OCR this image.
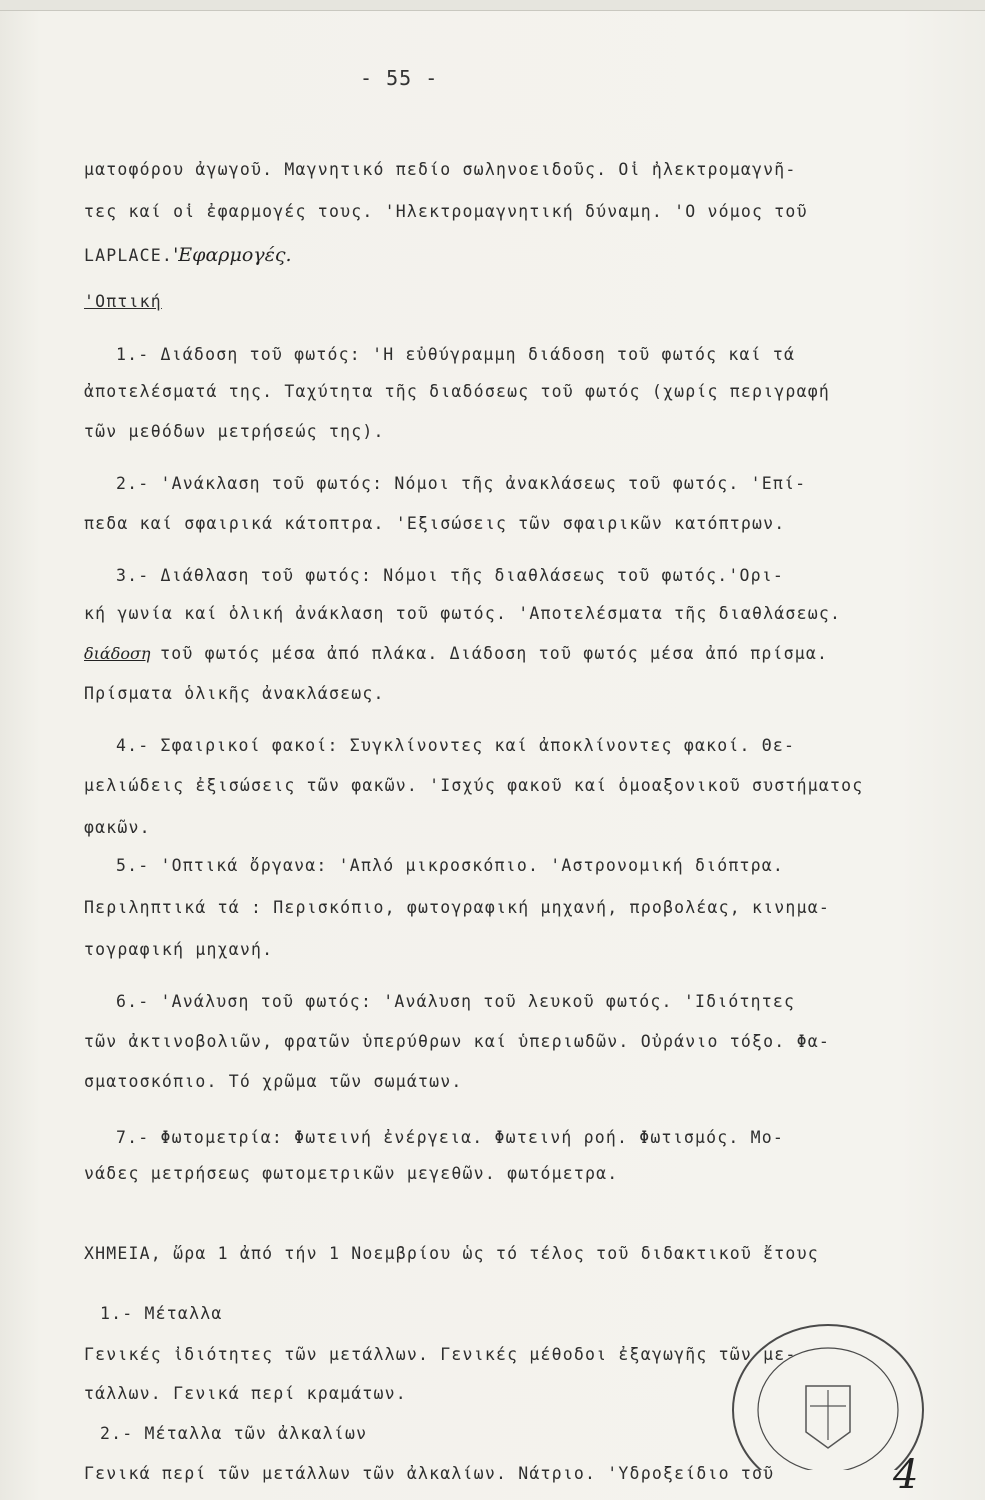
- 55 -
ματοφόρου ἀγωγοῦ. Μαγνητικό πεδίο σωληνοειδοῦς. Οἱ ἠλεκτρομαγνῆ-
τες καί οἱ ἐφαρμογές τους. 'Ηλεκτρομαγνητική δύναμη. 'Ο νόμος τοῦ
LAPLACE.'Εφαρμογές.
'Οπτική
1.- Διάδοση τοῦ φωτός: 'Η εὐθύγραμμη διάδοση τοῦ φωτός καί τά
ἀποτελέσματά της. Ταχύτητα τῆς διαδόσεως τοῦ φωτός (χωρίς περιγραφή
τῶν μεθόδων μετρήσεώς της).
2.- 'Ανάκλαση τοῦ φωτός: Νόμοι τῆς ἀνακλάσεως τοῦ φωτός. 'Επί-
πεδα καί σφαιρικά κάτοπτρα. 'Εξισώσεις τῶν σφαιρικῶν κατόπτρων.
3.- Διάθλαση τοῦ φωτός: Νόμοι τῆς διαθλάσεως τοῦ φωτός.'Ορι-
κή γωνία καί ὁλική ἀνάκλαση τοῦ φωτός. 'Αποτελέσματα τῆς διαθλάσεως.
διάδοση τοῦ φωτός μέσα ἀπό πλάκα. Διάδοση τοῦ φωτός μέσα ἀπό πρίσμα.
Πρίσματα ὁλικῆς ἀνακλάσεως.
4.- Σφαιρικοί φακοί: Συγκλίνοντες καί ἀποκλίνοντες φακοί. Θε-
μελιώδεις ἐξισώσεις τῶν φακῶν. 'Ισχύς φακοῦ καί ὁμοαξονικοῦ συστήματος
φακῶν.
5.- 'Οπτικά ὄργανα: 'Απλό μικροσκόπιο. 'Αστρονομική διόπτρα.
Περιληπτικά τά : Περισκόπιο, φωτογραφική μηχανή, προβολέας, κινημα-
τογραφική μηχανή.
6.- 'Ανάλυση τοῦ φωτός: 'Ανάλυση τοῦ λευκοῦ φωτός. 'Ιδιότητες
τῶν ἀκτινοβολιῶν, φρατῶν ὑπερύθρων καί ὑπεριωδῶν. Οὐράνιο τόξο. Φα-
σματοσκόπιο. Τό χρῶμα τῶν σωμάτων.
7.- Φωτομετρία: Φωτεινή ἐνέργεια. Φωτεινή ροή. Φωτισμός. Μο-
νάδες μετρήσεως φωτομετρικῶν μεγεθῶν. φωτόμετρα.
ΧΗΜΕΙΑ, ὥρα 1 ἀπό τήν 1 Νοεμβρίου ὡς τό τέλος τοῦ διδακτικοῦ ἔτους
1.- Μέταλλα
Γενικές ἰδιότητες τῶν μετάλλων. Γενικές μέθοδοι ἐξαγωγῆς τῶν με-
τάλλων. Γενικά περί κραμάτων.
2.- Μέταλλα τῶν ἀλκαλίων
Γενικά περί τῶν μετάλλων τῶν ἀλκαλίων. Νάτριο. 'Υδροξείδιο τοῦ	4
